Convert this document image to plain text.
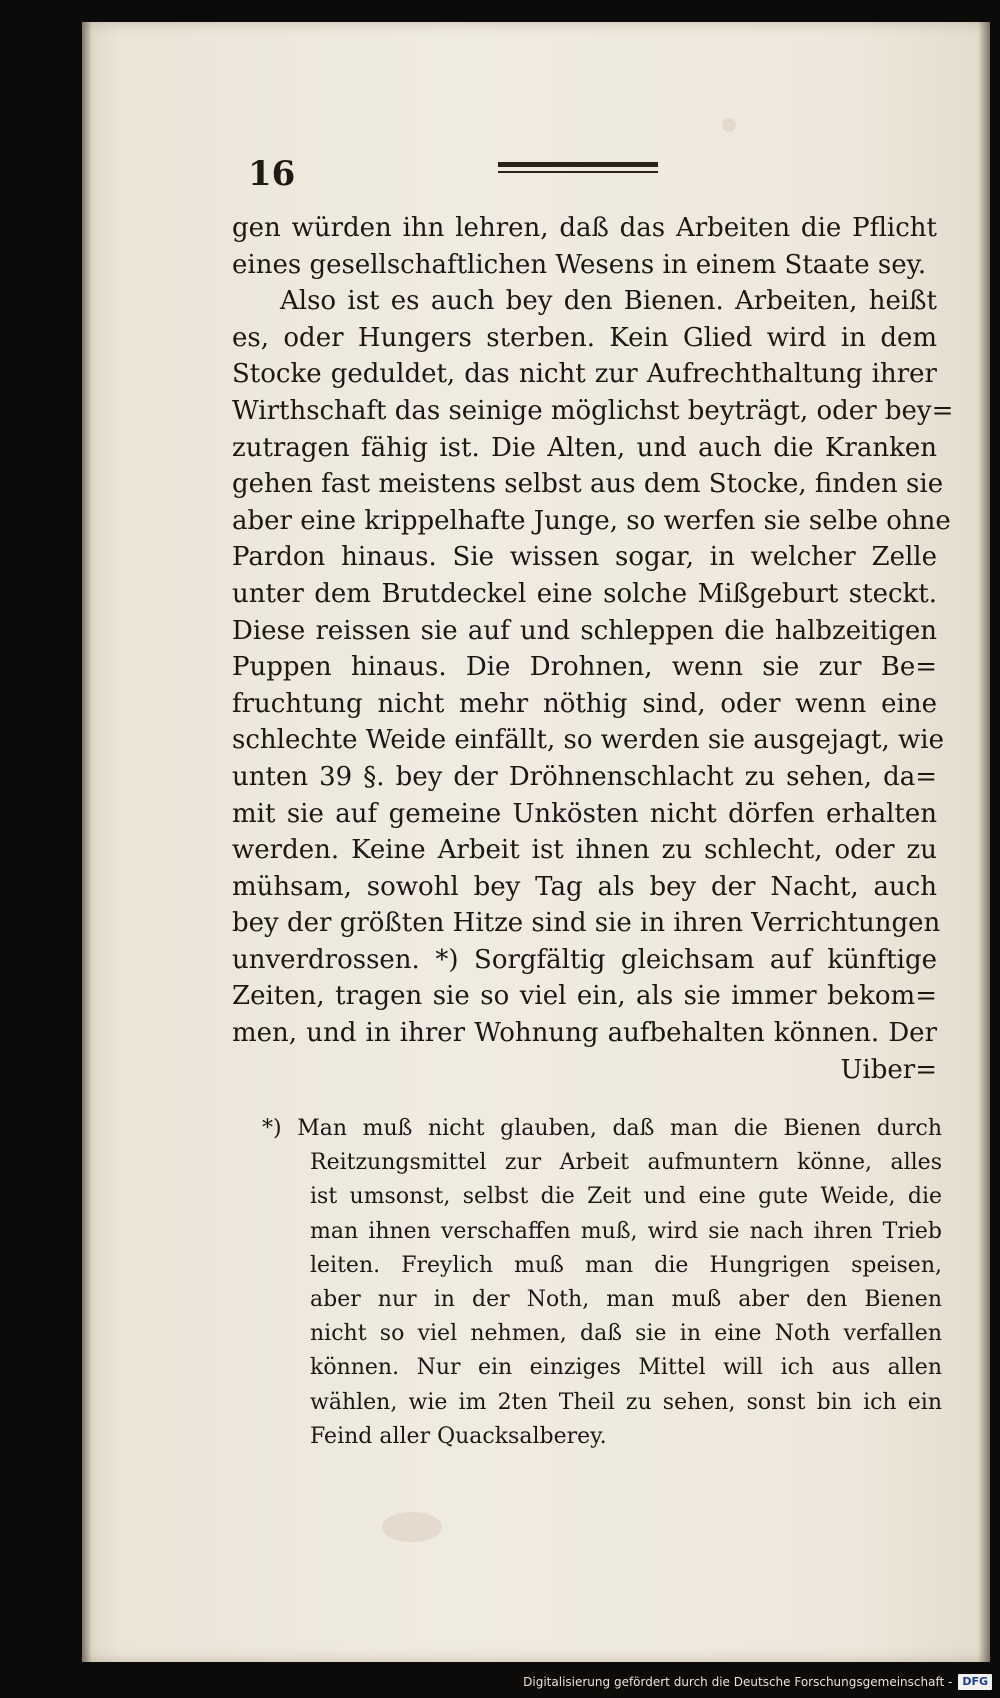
16
gen würden ihn lehren, daß das Arbeiten die Pflicht
eines gesellschaftlichen Wesens in einem Staate sey.
Also ist es auch bey den Bienen. Arbeiten, heißt
es, oder Hungers sterben. Kein Glied wird in dem
Stocke geduldet, das nicht zur Aufrechthaltung ihrer
Wirthschaft das seinige möglichst beyträgt, oder bey=
zutragen fähig ist. Die Alten, und auch die Kranken
gehen fast meistens selbst aus dem Stocke, finden sie
aber eine krippelhafte Junge, so werfen sie selbe ohne
Pardon hinaus. Sie wissen sogar, in welcher Zelle
unter dem Brutdeckel eine solche Mißgeburt steckt.
Diese reissen sie auf und schleppen die halbzeitigen
Puppen hinaus. Die Drohnen, wenn sie zur Be=
fruchtung nicht mehr nöthig sind, oder wenn eine
schlechte Weide einfällt, so werden sie ausgejagt, wie
unten 39 §. bey der Dröhnenschlacht zu sehen, da=
mit sie auf gemeine Unkösten nicht dörfen erhalten
werden. Keine Arbeit ist ihnen zu schlecht, oder zu
mühsam, sowohl bey Tag als bey der Nacht, auch
bey der größten Hitze sind sie in ihren Verrichtungen
unverdrossen. *) Sorgfältig gleichsam auf künftige
Zeiten, tragen sie so viel ein, als sie immer bekom=
men, und in ihrer Wohnung aufbehalten können. Der
Uiber=
*) Man muß nicht glauben, daß man die Bienen durch
Reitzungsmittel zur Arbeit aufmuntern könne, alles
ist umsonst, selbst die Zeit und eine gute Weide, die
man ihnen verschaffen muß, wird sie nach ihren Trieb
leiten. Freylich muß man die Hungrigen speisen,
aber nur in der Noth, man muß aber den Bienen
nicht so viel nehmen, daß sie in eine Noth verfallen
können. Nur ein einziges Mittel will ich aus allen
wählen, wie im 2ten Theil zu sehen, sonst bin ich ein
Feind aller Quacksalberey.
Digitalisierung gefördert durch die Deutsche Forschungsgemeinschaft - DFG
